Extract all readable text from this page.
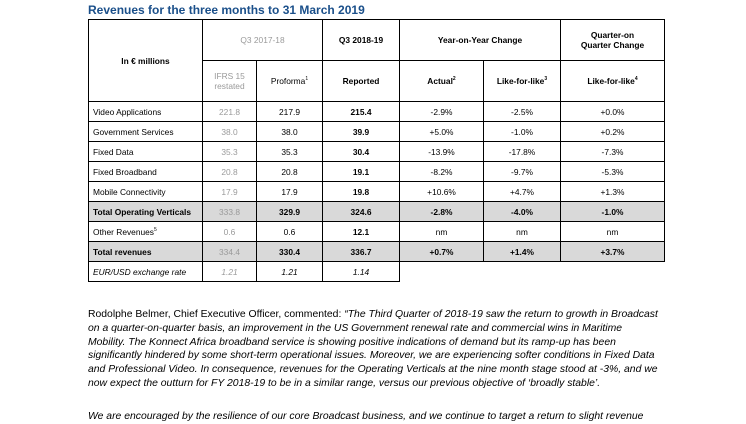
Revenues for the three months to 31 March 2019
In € millions	Q3 2017-18		Q3 2018-19	Year-on-Year Change		Quarter-on
Quarter Change
	IFRS 15
restated	Proforma$^1$	Reported	Actual$^2$	Like-for-like$^3$	Like-for-like$^4$
Video Applications	221.8	217.9	215.4	-2.9%	-2.5%	+0.0%
Government Services	38.0	38.0	39.9	+5.0%	-1.0%	+0.2%
Fixed Data	35.3	35.3	30.4	-13.9%	-17.8%	-7.3%
Fixed Broadband	20.8	20.8	19.1	-8.2%	-9.7%	-5.3%
Mobile Connectivity	17.9	17.9	19.8	+10.6%	+4.7%	+1.3%
Total Operating Verticals	333.8	329.9	324.6	-2.8%	-4.0%	-1.0%
Other Revenues$^5$	0.6	0.6	12.1	nm	nm	nm
Total revenues	334.4	330.4	336.7	+0.7%	+1.4%	+3.7%
EUR/USD exchange rate	1.21	1.21	1.14			

Rodolphe Belmer, Chief Executive Officer, commented: “The Third Quarter of 2018-19 saw the return to growth in Broadcast on a quarter-on-quarter basis, an improvement in the US Government renewal rate and commercial wins in Maritime Mobility. The Konnect Africa broadband service is showing positive indications of demand but its ramp-up has been significantly hindered by some short-term operational issues. Moreover, we are experiencing softer conditions in Fixed Data and Professional Video. In consequence, revenues for the Operating Verticals at the nine month stage stood at -3%, and we now expect the outturn for FY 2018-19 to be in a similar range, versus our previous objective of ‘broadly stable’.

We are encouraged by the resilience of our core Broadcast business, and we continue to target a return to slight revenue
